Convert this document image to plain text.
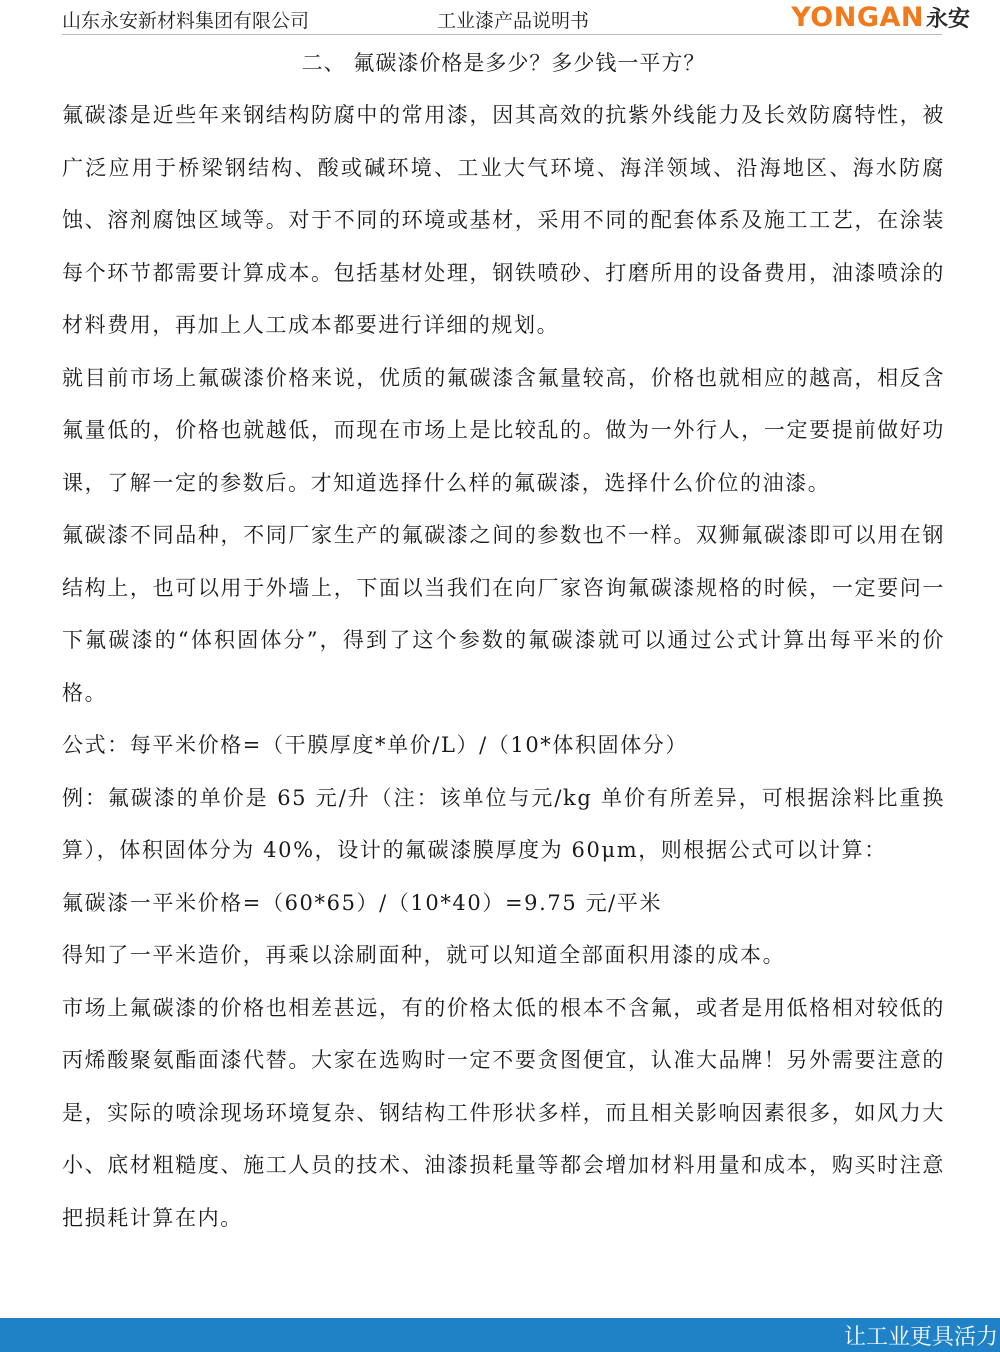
山东永安新材料集团有限公司	工业漆产品说明书	YONGAN 永安
二、 氟碳漆价格是多少？多少钱一平方？

氟碳漆是近些年来钢结构防腐中的常用漆，因其高效的抗紫外线能力及长效防腐特性，被广泛应用于桥梁钢结构、酸或碱环境、工业大气环境、海洋领域、沿海地区、海水防腐蚀、溶剂腐蚀区域等。对于不同的环境或基材，采用不同的配套体系及施工工艺，在涂装每个环节都需要计算成本。包括基材处理，钢铁喷砂、打磨所用的设备费用，油漆喷涂的材料费用，再加上人工成本都要进行详细的规划。

就目前市场上氟碳漆价格来说，优质的氟碳漆含氟量较高，价格也就相应的越高，相反含氟量低的，价格也就越低，而现在市场上是比较乱的。做为一外行人，一定要提前做好功课，了解一定的参数后。才知道选择什么样的氟碳漆，选择什么价位的油漆。

氟碳漆不同品种，不同厂家生产的氟碳漆之间的参数也不一样。双狮氟碳漆即可以用在钢结构上，也可以用于外墙上，下面以当我们在向厂家咨询氟碳漆规格的时候，一定要问一下氟碳漆的“体积固体分”，得到了这个参数的氟碳漆就可以通过公式计算出每平米的价格。

公式：每平米价格=（干膜厚度*单价/L）/（10*体积固体分）

例：氟碳漆的单价是 65 元/升（注：该单位与元/kg 单价有所差异，可根据涂料比重换算），体积固体分为 40%，设计的氟碳漆膜厚度为 60μm，则根据公式可以计算：

氟碳漆一平米价格=（60*65）/（10*40）=9.75 元/平米

得知了一平米造价，再乘以涂刷面种，就可以知道全部面积用漆的成本。

市场上氟碳漆的价格也相差甚远，有的价格太低的根本不含氟，或者是用低格相对较低的丙烯酸聚氨酯面漆代替。大家在选购时一定不要贪图便宜，认准大品牌！另外需要注意的是，实际的喷涂现场环境复杂、钢结构工件形状多样，而且相关影响因素很多，如风力大小、底材粗糙度、施工人员的技术、油漆损耗量等都会增加材料用量和成本，购买时注意把损耗计算在内。

让工业更具活力
